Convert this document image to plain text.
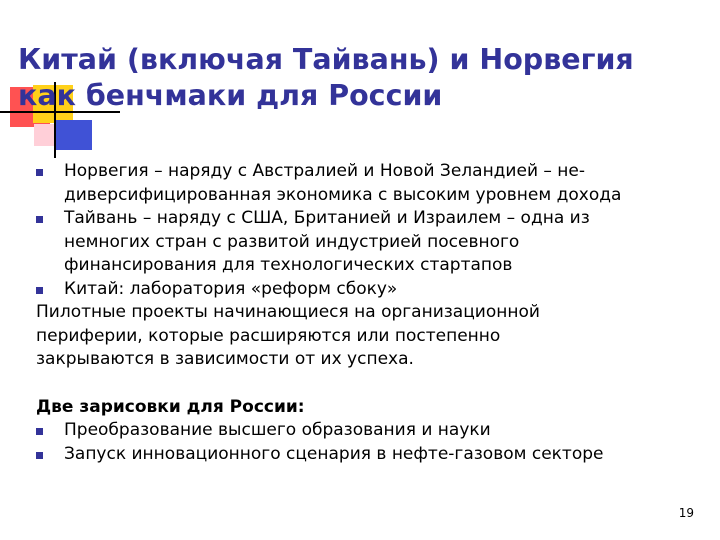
Китай (включая Тайвань) и Норвегия
как бенчмаки для России
Норвегия – наряду с Австралией и Новой Зеландией – не-
диверсифицированная экономика с высоким уровнем дохода
Тайвань – наряду с США, Британией и Израилем – одна из
немногих стран с развитой индустрией посевного
финансирования для технологических стартапов
Китай: лаборатория «реформ сбоку»
Пилотные проекты начинающиеся на организационной
периферии, которые расширяются или постепенно
закрываются в зависимости от их успеха.
Две зарисовки для России:
Преобразование высшего образования и науки
Запуск инновационного сценария в нефте-газовом секторе
19
